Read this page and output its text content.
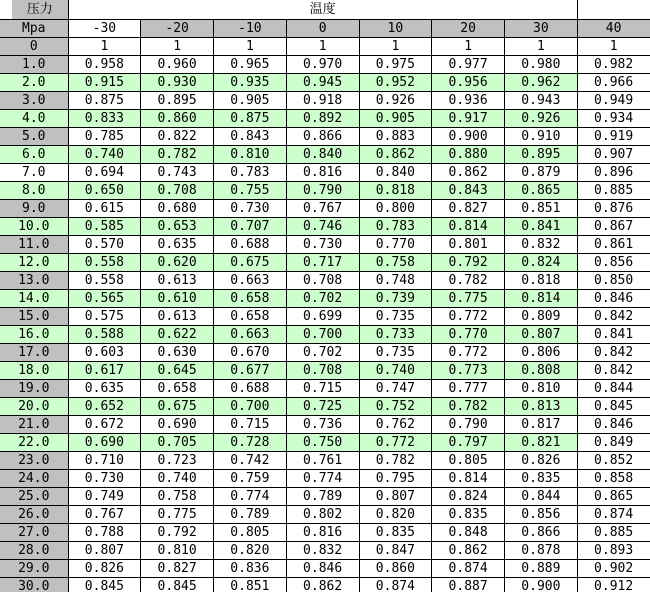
压力	温度							
Mpa	-30	-20	-10	0	10	20	30	40
0	1	1	1	1	1	1	1	1
1.0	0.958	0.960	0.965	0.970	0.975	0.977	0.980	0.982
2.0	0.915	0.930	0.935	0.945	0.952	0.956	0.962	0.966
3.0	0.875	0.895	0.905	0.918	0.926	0.936	0.943	0.949
4.0	0.833	0.860	0.875	0.892	0.905	0.917	0.926	0.934
5.0	0.785	0.822	0.843	0.866	0.883	0.900	0.910	0.919
6.0	0.740	0.782	0.810	0.840	0.862	0.880	0.895	0.907
7.0	0.694	0.743	0.783	0.816	0.840	0.862	0.879	0.896
8.0	0.650	0.708	0.755	0.790	0.818	0.843	0.865	0.885
9.0	0.615	0.680	0.730	0.767	0.800	0.827	0.851	0.876
10.0	0.585	0.653	0.707	0.746	0.783	0.814	0.841	0.867
11.0	0.570	0.635	0.688	0.730	0.770	0.801	0.832	0.861
12.0	0.558	0.620	0.675	0.717	0.758	0.792	0.824	0.856
13.0	0.558	0.613	0.663	0.708	0.748	0.782	0.818	0.850
14.0	0.565	0.610	0.658	0.702	0.739	0.775	0.814	0.846
15.0	0.575	0.613	0.658	0.699	0.735	0.772	0.809	0.842
16.0	0.588	0.622	0.663	0.700	0.733	0.770	0.807	0.841
17.0	0.603	0.630	0.670	0.702	0.735	0.772	0.806	0.842
18.0	0.617	0.645	0.677	0.708	0.740	0.773	0.808	0.842
19.0	0.635	0.658	0.688	0.715	0.747	0.777	0.810	0.844
20.0	0.652	0.675	0.700	0.725	0.752	0.782	0.813	0.845
21.0	0.672	0.690	0.715	0.736	0.762	0.790	0.817	0.846
22.0	0.690	0.705	0.728	0.750	0.772	0.797	0.821	0.849
23.0	0.710	0.723	0.742	0.761	0.782	0.805	0.826	0.852
24.0	0.730	0.740	0.759	0.774	0.795	0.814	0.835	0.858
25.0	0.749	0.758	0.774	0.789	0.807	0.824	0.844	0.865
26.0	0.767	0.775	0.789	0.802	0.820	0.835	0.856	0.874
27.0	0.788	0.792	0.805	0.816	0.835	0.848	0.866	0.885
28.0	0.807	0.810	0.820	0.832	0.847	0.862	0.878	0.893
29.0	0.826	0.827	0.836	0.846	0.860	0.874	0.889	0.902
30.0	0.845	0.845	0.851	0.862	0.874	0.887	0.900	0.912
